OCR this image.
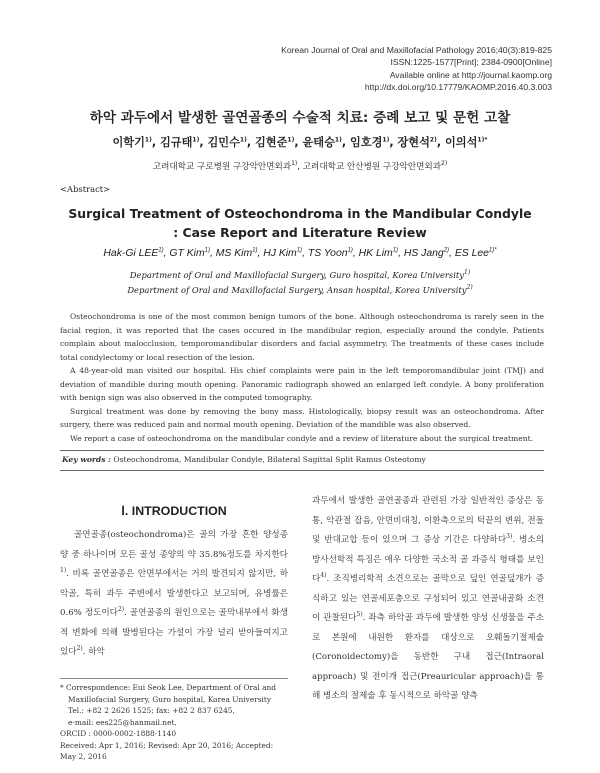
Korean Journal of Oral and Maxillofacial Pathology 2016;40(3):819-825
ISSN:1225-1577[Print]; 2384-0900[Online]
Available online at http://journal.kaomp.org
http://dx.doi.org/10.17779/KAOMP.2016.40.3.003
하악 과두에서 발생한 골연골종의 수술적 치료: 증례 보고 및 문헌 고찰
이학기$^{1)}$, 김규태$^{1)}$, 김민수$^{1)}$, 김현준$^{1)}$, 윤태승$^{1)}$, 임호경$^{1)}$, 장현석$^{2)}$, 이의석$^{1)*}$
고려대학교 구로병원 구강악안면외과$^{1)}$, 고려대학교 안산병원 구강악안면외과$^{2)}$
<Abstract>
Surgical Treatment of Osteochondroma in the Mandibular Condyle
: Case Report and Literature Review
Hak-Gi LEE$^{1)}$, GT Kim$^{1)}$, MS Kim$^{1)}$, HJ Kim$^{1)}$, TS Yoon$^{1)}$, HK Lim$^{1)}$, HS Jang$^{2)}$, ES Lee$^{1)*}$
Department of Oral and Maxillofacial Surgery, Guro hospital, Korea University$^{1)}$
Department of Oral and Maxillofacial Surgery, Ansan hospital, Korea University$^{2)}$

Osteochondroma is one of the most common benign tumors of the bone. Although osteochondroma is rarely seen in the facial region, it was reported that the cases occured in the mandibular region, especially around the condyle. Patients complain about malocclusion, temporomandibular disorders and facial asymmetry. The treatments of these cases include total condylectomy or local resection of the lesion.

A 48-year-old man visited our hospital. His chief complaints were pain in the left temporomandibular joint (TMJ) and deviation of mandible during mouth opening. Panoramic radiograph showed an enlarged left condyle. A bony proliferation with benign sign was also observed in the computed tomography.

Surgical treatment was done by removing the bony mass. Histologically, biopsy result was an osteochondroma. After surgery, there was reduced pain and normal mouth opening. Deviation of the mandible was also observed.

We report a case of osteochondroma on the mandibular condyle and a review of literature about the surgical treatment.

Key words : Osteochondroma, Mandibular Condyle, Bilateral Sagittal Split Ramus Osteotomy
Ⅰ. INTRODUCTION

골연골종(osteochondroma)은 골의 가장 흔한 양성종양 중 하나이며 모든 골성 종양의 약 35.8%정도를 차지한다$^{1)}$. 비록 골연골종은 안면부에서는 거의 발견되지 않지만, 하악골, 특히 과두 주변에서 발생한다고 보고되며, 유병률은 0.6% 정도이다$^{2)}$. 골연골종의 원인으로는 골막내부에서 화생적 변화에 의해 발병된다는 가설이 가장 널리 받아들여지고 있다$^{2)}$. 하악

* Correspondence: Eui Seok Lee, Department of Oral and

Maxillofacial Surgery, Guro hospital, Korea University

Tel.: +82 2 2626 1525; fax: +82 2 837 6245,

e-mail: ees225@hanmail.net,

ORCID : 0000-0002-1888-1140

Received: Apr 1, 2016; Revised: Apr 20, 2016; Accepted: May 2, 2016

과두에서 발생한 골연골종과 관련된 가장 일반적인 증상은 동통, 악관절 잡음, 안면비대칭, 이환측으로의 턱끝의 변위, 전돌 및 반대교합 등이 있으며 그 증상 기간은 다양하다$^{3)}$. 병소의 방사선학적 특징은 매우 다양한 국소적 골 과증식 형태를 보인다$^{4)}$. 조직병리학적 소견으로는 골막으로 덮인 연골덮개가 증식하고 있는 연골세포층으로 구성되어 있고 연골내골화 소견이 관찰된다$^{5)}$. 좌측 하악골 과두에 발생한 양성 신생물을 주소로 본원에 내원한 환자를 대상으로 오훼돌기절제술(Coronoidectomy)을 동반한 구내 접근(Intraoral approach) 및 전이개 접근(Preauricular approach)을 통해 병소의 절제술 후 동시적으로 하악골 양측
